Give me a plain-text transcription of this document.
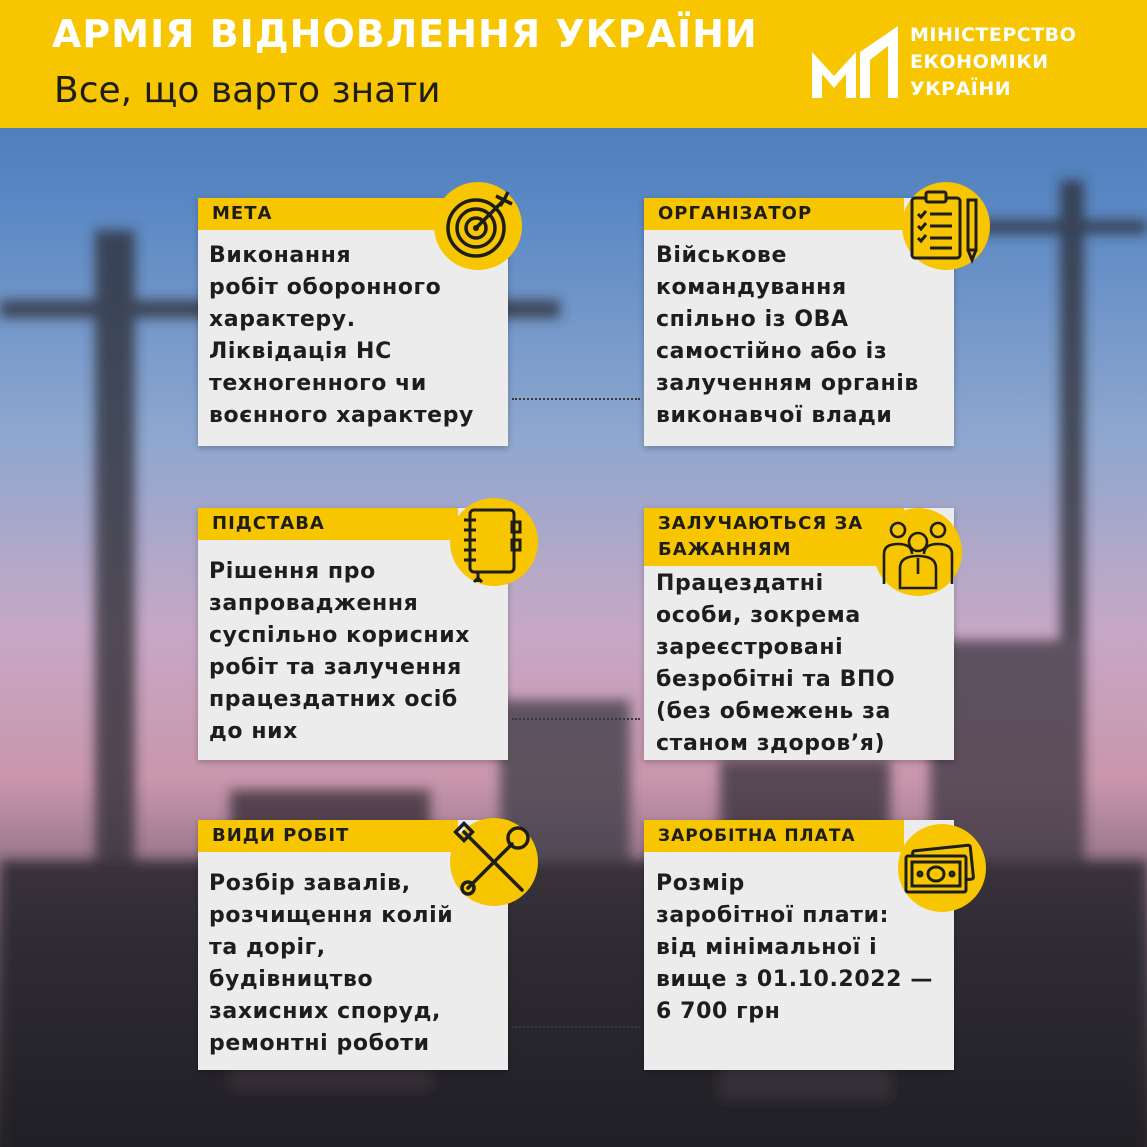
АРМІЯ ВІДНОВЛЕННЯ УКРАЇНИ
Все, що варто знати
МІНІСТЕРСТВО
ЕКОНОМІКИ
УКРАЇНИ
МЕТА
Виконання
робіт оборонного
характеру.
Ліквідація НС
техногенного чи
воєнного характеру
ОРГАНІЗАТОР
Військове
командування
спільно із ОВА
самостійно або із
залученням органів
виконавчої влади
ПІДСТАВА
Рішення про
запровадження
суспільно корисних
робіт та залучення
працездатних осіб
до них
ЗАЛУЧАЮТЬСЯ ЗА
БАЖАННЯМ
Працездатні
особи, зокрема
зареєстровані
безробітні та ВПО
(без обмежень за
станом здоров’я)
ВИДИ РОБІТ
Розбір завалів,
розчищення колій
та доріг,
будівництво
захисних споруд,
ремонтні роботи
ЗАРОБІТНА ПЛАТА
Розмір
заробітної плати:
від мінімальної і
вище з 01.10.2022 —
6 700 грн
